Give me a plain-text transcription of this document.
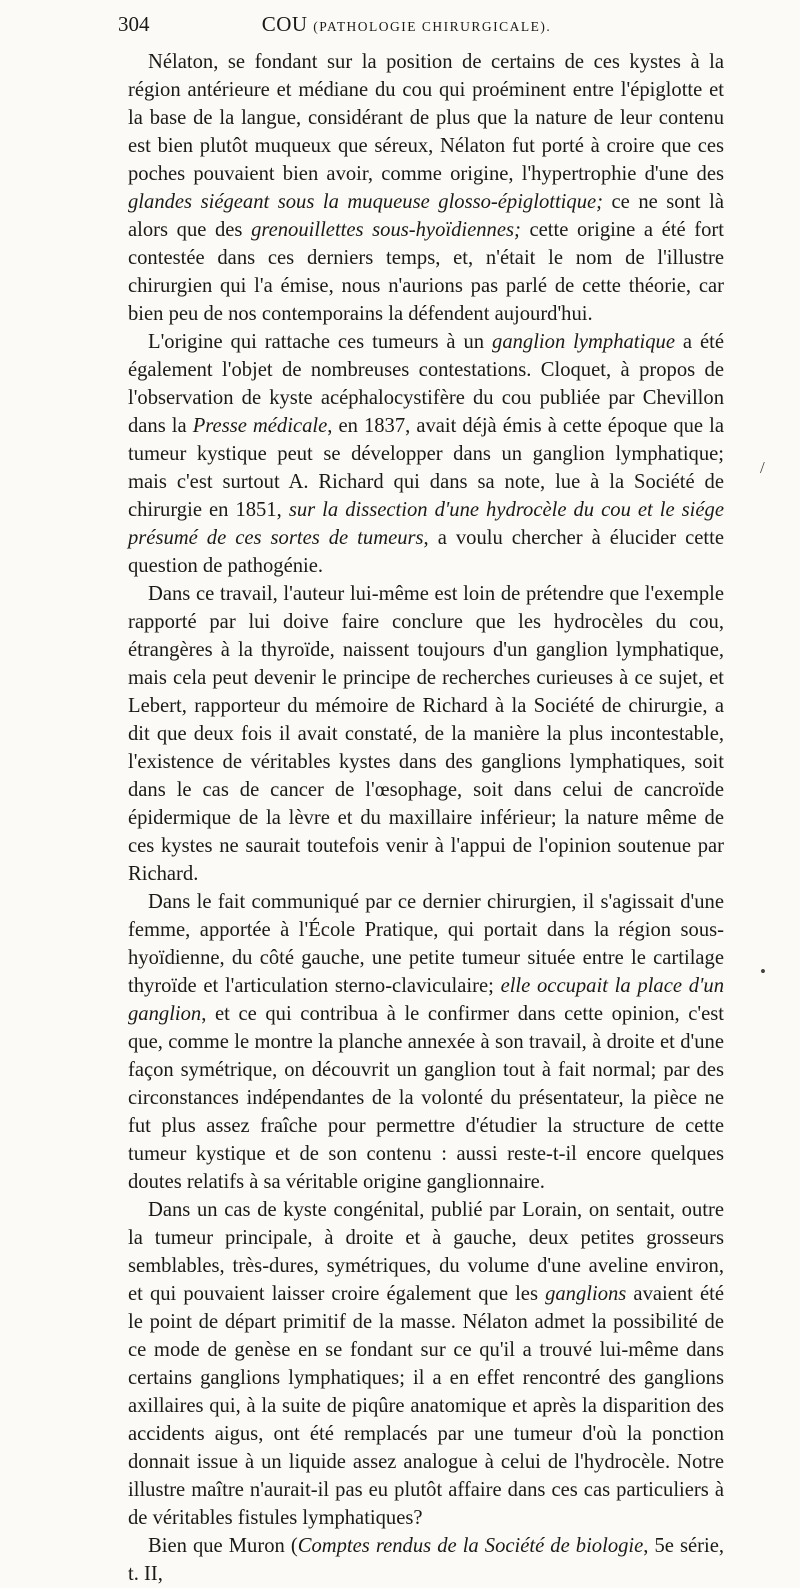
304	COU (PATHOLOGIE CHIRURGICALE).

Nélaton, se fondant sur la position de certains de ces kystes à la région antérieure et médiane du cou qui proéminent entre l'épiglotte et la base de la langue, considérant de plus que la nature de leur contenu est bien plutôt muqueux que séreux, Nélaton fut porté à croire que ces poches pouvaient bien avoir, comme origine, l'hypertrophie d'une des glandes siégeant sous la muqueuse glosso-épiglottique; ce ne sont là alors que des grenouillettes sous-hyoïdiennes; cette origine a été fort contestée dans ces derniers temps, et, n'était le nom de l'illustre chirurgien qui l'a émise, nous n'aurions pas parlé de cette théorie, car bien peu de nos contemporains la défendent aujourd'hui.

L'origine qui rattache ces tumeurs à un ganglion lymphatique a été également l'objet de nombreuses contestations. Cloquet, à propos de l'observation de kyste acéphalocystifère du cou publiée par Chevillon dans la Presse médicale, en 1837, avait déjà émis à cette époque que la tumeur kystique peut se développer dans un ganglion lymphatique; mais c'est surtout A. Richard qui dans sa note, lue à la Société de chirurgie en 1851, sur la dissection d'une hydrocèle du cou et le siége présumé de ces sortes de tumeurs, a voulu chercher à élucider cette question de pathogénie.

Dans ce travail, l'auteur lui-même est loin de prétendre que l'exemple rapporté par lui doive faire conclure que les hydrocèles du cou, étrangères à la thyroïde, naissent toujours d'un ganglion lymphatique, mais cela peut devenir le principe de recherches curieuses à ce sujet, et Lebert, rapporteur du mémoire de Richard à la Société de chirurgie, a dit que deux fois il avait constaté, de la manière la plus incontestable, l'existence de véritables kystes dans des ganglions lymphatiques, soit dans le cas de cancer de l'œsophage, soit dans celui de cancroïde épidermique de la lèvre et du maxillaire inférieur; la nature même de ces kystes ne saurait toutefois venir à l'appui de l'opinion soutenue par Richard.

Dans le fait communiqué par ce dernier chirurgien, il s'agissait d'une femme, apportée à l'École Pratique, qui portait dans la région sous-hyoïdienne, du côté gauche, une petite tumeur située entre le cartilage thyroïde et l'articulation sterno-claviculaire; elle occupait la place d'un ganglion, et ce qui contribua à le confirmer dans cette opinion, c'est que, comme le montre la planche annexée à son travail, à droite et d'une façon symétrique, on découvrit un ganglion tout à fait normal; par des circonstances indépendantes de la volonté du présentateur, la pièce ne fut plus assez fraîche pour permettre d'étudier la structure de cette tumeur kystique et de son contenu : aussi reste-t-il encore quelques doutes relatifs à sa véritable origine ganglionnaire.

Dans un cas de kyste congénital, publié par Lorain, on sentait, outre la tumeur principale, à droite et à gauche, deux petites grosseurs semblables, très-dures, symétriques, du volume d'une aveline environ, et qui pouvaient laisser croire également que les ganglions avaient été le point de départ primitif de la masse. Nélaton admet la possibilité de ce mode de genèse en se fondant sur ce qu'il a trouvé lui-même dans certains ganglions lymphatiques; il a en effet rencontré des ganglions axillaires qui, à la suite de piqûre anatomique et après la disparition des accidents aigus, ont été remplacés par une tumeur d'où la ponction donnait issue à un liquide assez analogue à celui de l'hydrocèle. Notre illustre maître n'aurait-il pas eu plutôt affaire dans ces cas particuliers à de véritables fistules lymphatiques?

Bien que Muron (Comptes rendus de la Société de biologie, 5e série, t. II,

/
•
